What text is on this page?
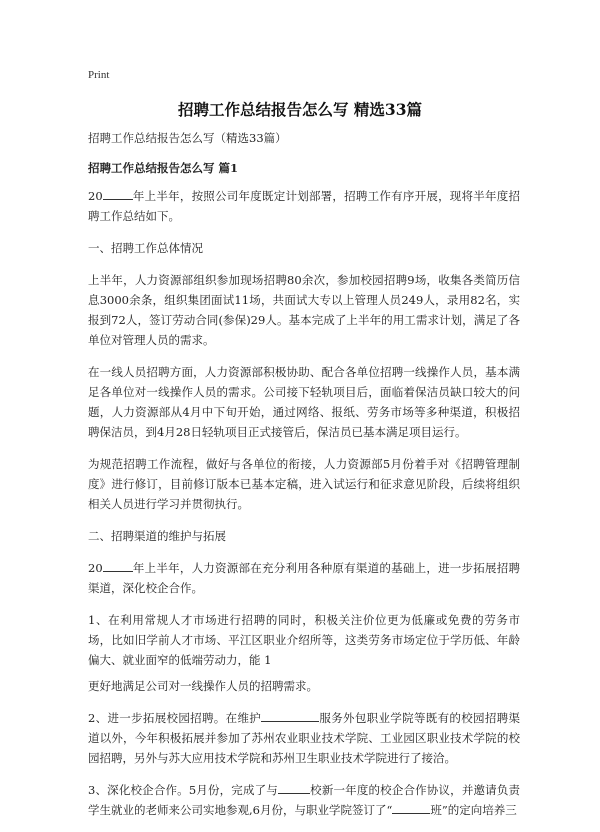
Print
招聘工作总结报告怎么写 精选33篇

招聘工作总结报告怎么写（精选33篇）

招聘工作总结报告怎么写 篇1

20	年上半年，按照公司年度既定计划部署，招聘工作有序开展，现将半年度招聘工作总结如下。

一、招聘工作总体情况

上半年，人力资源部组织参加现场招聘80余次，参加校园招聘9场，收集各类简历信息3000余条，组织集团面试11场，共面试大专以上管理人员249人，录用82名，实报到72人，签订劳动合同(参保)29人。基本完成了上半年的用工需求计划，满足了各单位对管理人员的需求。

在一线人员招聘方面，人力资源部积极协助、配合各单位招聘一线操作人员，基本满足各单位对一线操作人员的需求。公司接下轻轨项目后，面临着保洁员缺口较大的问题，人力资源部从4月中下旬开始，通过网络、报纸、劳务市场等多种渠道，积极招聘保洁员，到4月28日轻轨项目正式接管后，保洁员已基本满足项目运行。

为规范招聘工作流程，做好与各单位的衔接，人力资源部5月份着手对《招聘管理制度》进行修订，目前修订版本已基本定稿，进入试运行和征求意见阶段，后续将组织相关人员进行学习并贯彻执行。

二、招聘渠道的维护与拓展

20	年上半年，人力资源部在充分利用各种原有渠道的基础上，进一步拓展招聘渠道，深化校企合作。

1、在利用常规人才市场进行招聘的同时，积极关注价位更为低廉或免费的劳务市场，比如旧学前人才市场、平江区职业介绍所等，这类劳务市场定位于学历低、年龄偏大、就业面窄的低端劳动力，能 1

更好地满足公司对一线操作人员的招聘需求。

2、进一步拓展校园招聘。在维护	服务外包职业学院等既有的校园招聘渠道以外，今年积极拓展并参加了苏州农业职业技术学院、工业园区职业技术学院的校园招聘，另外与苏大应用技术学院和苏州卫生职业技术学院进行了接洽。

3、深化校企合作。5月份，完成了与	校新一年度的校企合作协议，并邀请负责学生就业的老师来公司实地参观,6月份，与职业学院签订了“	班”的定向培养三
